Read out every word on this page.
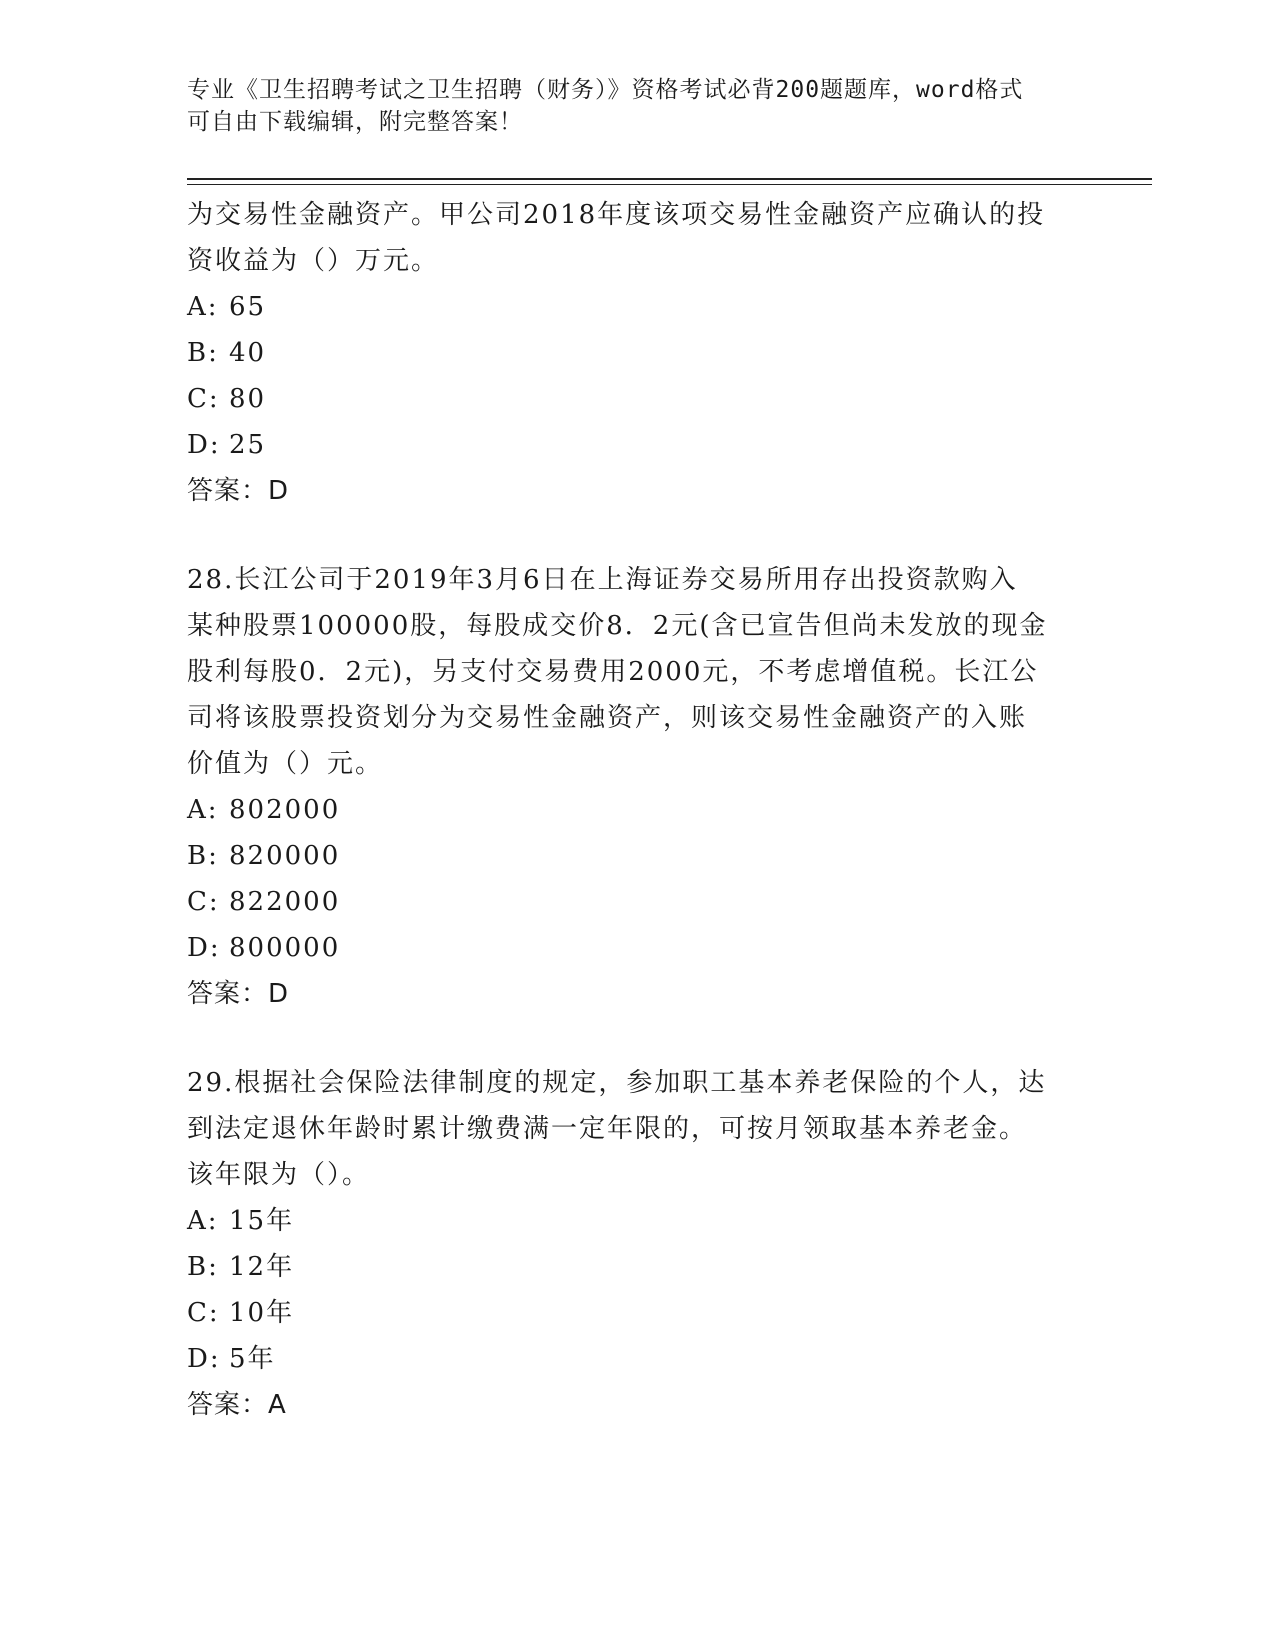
专业《卫生招聘考试之卫生招聘（财务）》资格考试必背200题题库，word格式
可自由下载编辑，附完整答案！
为交易性金融资产。甲公司2018年度该项交易性金融资产应确认的投
资收益为（）万元。
A: 65
B: 40
C: 80
D: 25
答案：D
28.长江公司于2019年3月6日在上海证券交易所用存出投资款购入
某种股票100000股，每股成交价8．2元(含已宣告但尚未发放的现金
股利每股0．2元)，另支付交易费用2000元，不考虑增值税。长江公
司将该股票投资划分为交易性金融资产，则该交易性金融资产的入账
价值为（）元。
A: 802000
B: 820000
C: 822000
D: 800000
答案：D
29.根据社会保险法律制度的规定，参加职工基本养老保险的个人，达
到法定退休年龄时累计缴费满一定年限的，可按月领取基本养老金。
该年限为（）。
A: 15年
B: 12年
C: 10年
D: 5年
答案：A
